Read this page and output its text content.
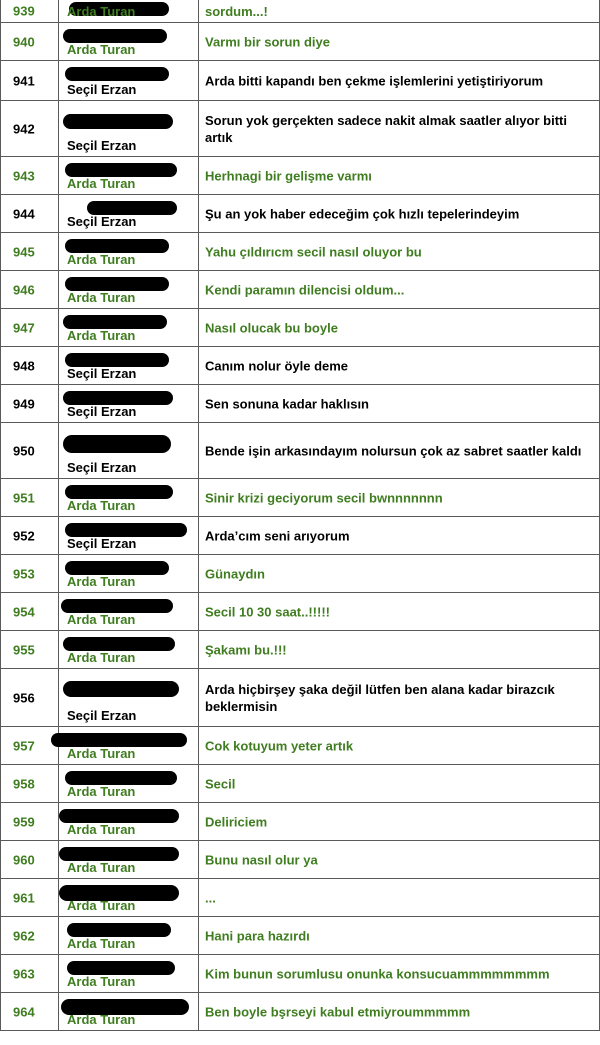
939 Arda Turan	sordum...!
940
Arda Turan
Varmı bir sorun diye
941
Seçil Erzan
Arda bitti kapandı ben çekme işlemlerini yetiştiriyorum
942
Seçil Erzan
Sorun yok gerçekten sadece nakit almak saatler alıyor bitti artık
943
Arda Turan
Herhnagi bir gelişme varmı
944
Seçil Erzan
Şu an yok haber edeceğim çok hızlı tepelerindeyim
945
Arda Turan
Yahu çıldırıcm secil nasıl oluyor bu
946
Arda Turan
Kendi paramın dilencisi oldum...
947
Arda Turan
Nasıl olucak bu boyle
948
Seçil Erzan
Canım nolur öyle deme
949
Seçil Erzan
Sen sonuna kadar haklısın
950
Seçil Erzan
Bende işin arkasındayım nolursun çok az sabret saatler kaldı
951
Arda Turan
Sinir krizi geciyorum secil bwnnnnnnn
952
Seçil Erzan
Arda’cım seni arıyorum
953
Arda Turan
Günaydın
954
Arda Turan
Secil 10 30 saat..!!!!!
955
Arda Turan
Şakamı bu.!!!
956
Seçil Erzan
Arda hiçbirşey şaka değil lütfen ben alana kadar birazcık beklermisin
957
Arda Turan
Cok kotuyum yeter artık
958
Arda Turan
Secil
959
Arda Turan
Deliriciem
960
Arda Turan
Bunu nasıl olur ya
961
Arda Turan
...
962
Arda Turan
Hani para hazırdı
963
Arda Turan
Kim bunun sorumlusu onunka konsucuammmmmmmm
964
Arda Turan
Ben boyle bşrseyi kabul etmiyroummmmm
